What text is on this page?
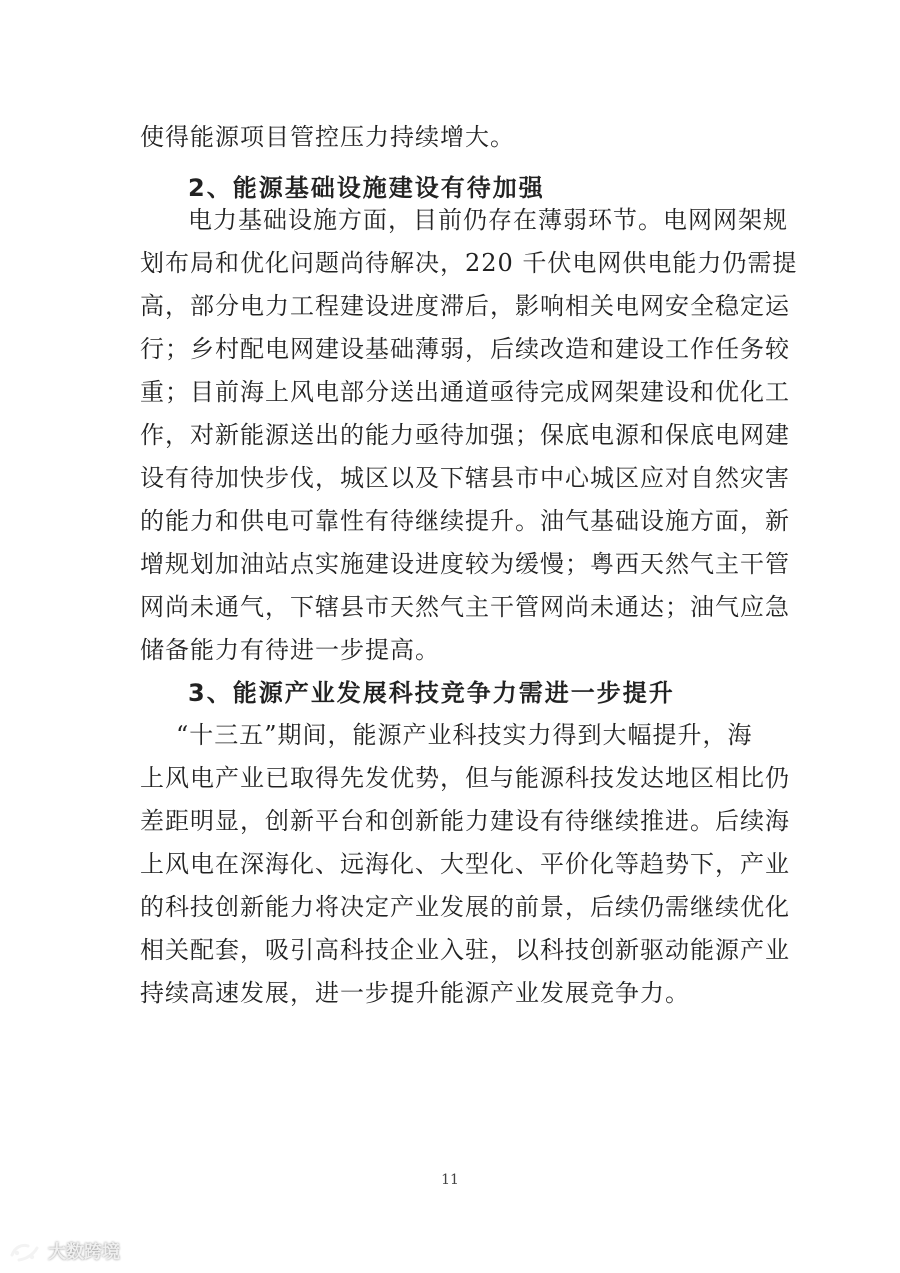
使得能源项目管控压力持续增大。
2、能源基础设施建设有待加强
电力基础设施方面，目前仍存在薄弱环节。电网网架规
划布局和优化问题尚待解决，220 千伏电网供电能力仍需提
高，部分电力工程建设进度滞后，影响相关电网安全稳定运
行；乡村配电网建设基础薄弱，后续改造和建设工作任务较
重；目前海上风电部分送出通道亟待完成网架建设和优化工
作，对新能源送出的能力亟待加强；保底电源和保底电网建
设有待加快步伐，城区以及下辖县市中心城区应对自然灾害
的能力和供电可靠性有待继续提升。油气基础设施方面，新
增规划加油站点实施建设进度较为缓慢；粤西天然气主干管
网尚未通气，下辖县市天然气主干管网尚未通达；油气应急
储备能力有待进一步提高。
3、能源产业发展科技竞争力需进一步提升
“十三五”期间，能源产业科技实力得到大幅提升，海
上风电产业已取得先发优势，但与能源科技发达地区相比仍
差距明显，创新平台和创新能力建设有待继续推进。后续海
上风电在深海化、远海化、大型化、平价化等趋势下，产业
的科技创新能力将决定产业发展的前景，后续仍需继续优化
相关配套，吸引高科技企业入驻，以科技创新驱动能源产业
持续高速发展，进一步提升能源产业发展竞争力。
11
大数跨境
